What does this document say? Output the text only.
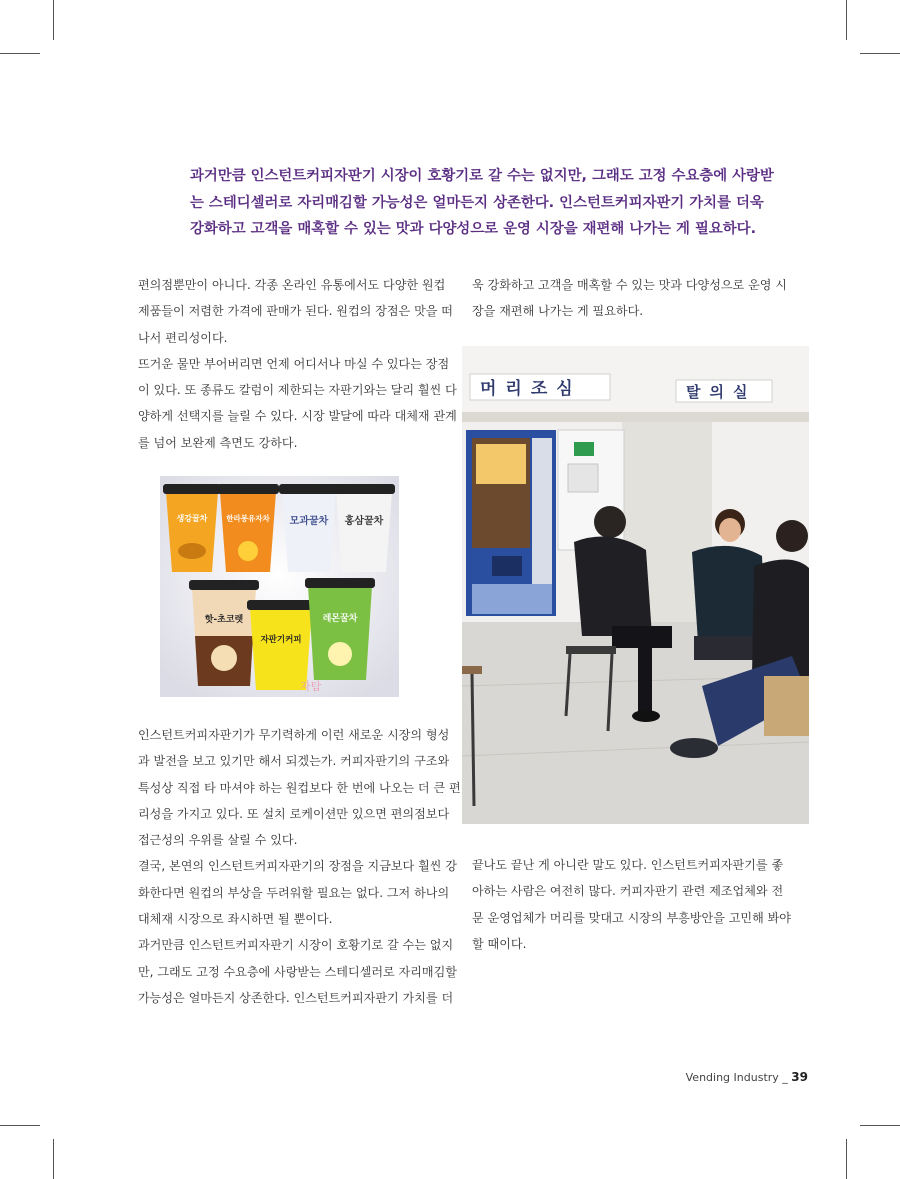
과거만큼 인스턴트커피자판기 시장이 호황기로 갈 수는 없지만, 그래도 고정 수요층에 사랑받

는 스테디셀러로 자리매김할 가능성은 얼마든지 상존한다. 인스턴트커피자판기 가치를 더욱

강화하고 고객을 매혹할 수 있는 맛과 다양성으로 운영 시장을 재편해 나가는 게 필요하다.

편의점뿐만이 아니다. 각종 온라인 유통에서도 다양한 원컵

제품들이 저렴한 가격에 판매가 된다. 원컵의 장점은 맛을 떠

나서 편리성이다.

뜨거운 물만 부어버리면 언제 어디서나 마실 수 있다는 장점

이 있다. 또 종류도 칼럼이 제한되는 자판기와는 달리 훨씬 다

양하게 선택지를 늘릴 수 있다. 시장 발달에 따라 대체재 관계

를 넘어 보완제 측면도 강하다.

생강꿀차	한라봉유자차 모과꿀차 홍삼꿀차
핫-초코렛
자판기커피
레몬꿀차
자탐

인스턴트커피자판기가 무기력하게 이런 새로운 시장의 형성

과 발전을 보고 있기만 해서 되겠는가. 커피자판기의 구조와

특성상 직접 타 마셔야 하는 원컵보다 한 번에 나오는 더 큰 편

리성을 가지고 있다. 또 설치 로케이션만 있으면 편의점보다

접근성의 우위를 살릴 수 있다.

결국, 본연의 인스턴트커피자판기의 장점을 지금보다 훨씬 강

화한다면 원컵의 부상을 두려워할 필요는 없다. 그저 하나의

대체재 시장으로 좌시하면 될 뿐이다.

과거만큼 인스턴트커피자판기 시장이 호황기로 갈 수는 없지

만, 그래도 고정 수요층에 사랑받는 스테디셀러로 자리매김할

가능성은 얼마든지 상존한다. 인스턴트커피자판기 가치를 더

욱 강화하고 고객을 매혹할 수 있는 맛과 다양성으로 운영 시

장을 재편해 나가는 게 필요하다.

머리조심	탈의실

끝나도 끝난 게 아니란 말도 있다. 인스턴트커피자판기를 좋

아하는 사람은 여전히 많다. 커피자판기 관련 제조업체와 전

문 운영업체가 머리를 맞대고 시장의 부흥방안을 고민해 봐야

할 때이다.

Vending Industry _ 39
